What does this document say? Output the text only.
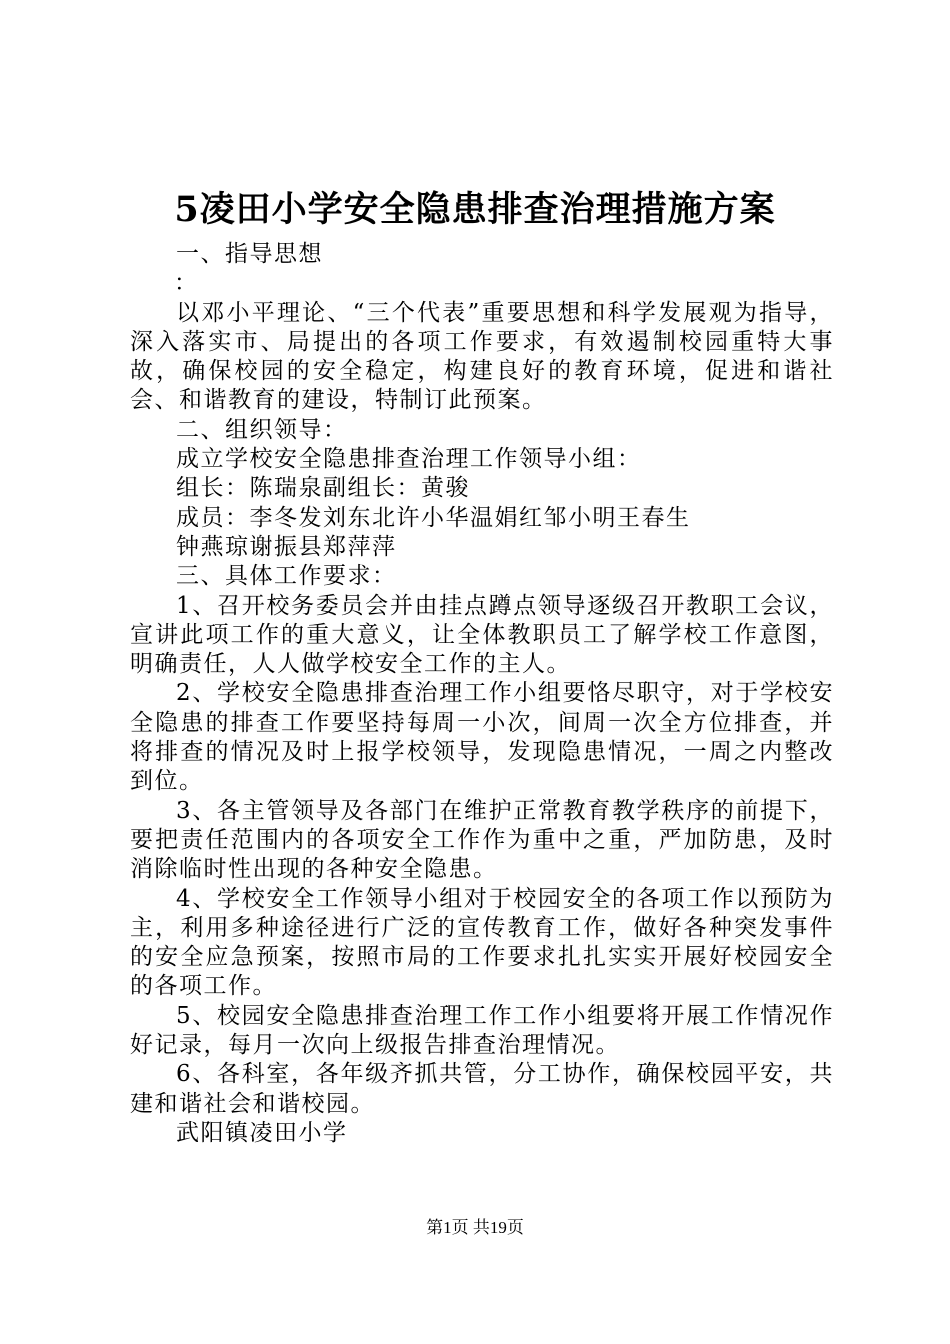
5凌田小学安全隐患排查治理措施方案

一、指导思想

：

以邓小平理论、“三个代表”重要思想和科学发展观为指导，深入落实市、局提出的各项工作要求，有效遏制校园重特大事故，确保校园的安全稳定，构建良好的教育环境，促进和谐社会、和谐教育的建设，特制订此预案。

二、组织领导：

成立学校安全隐患排查治理工作领导小组：

组长：陈瑞泉副组长：黄骏

成员：李冬发刘东北许小华温娟红邹小明王春生

钟燕琼谢振县郑萍萍

三、具体工作要求：

1、召开校务委员会并由挂点蹲点领导逐级召开教职工会议，宣讲此项工作的重大意义，让全体教职员工了解学校工作意图，明确责任，人人做学校安全工作的主人。

2、学校安全隐患排查治理工作小组要恪尽职守，对于学校安全隐患的排查工作要坚持每周一小次，间周一次全方位排查，并将排查的情况及时上报学校领导，发现隐患情况，一周之内整改到位。

3、各主管领导及各部门在维护正常教育教学秩序的前提下，要把责任范围内的各项安全工作作为重中之重，严加防患，及时消除临时性出现的各种安全隐患。

4、学校安全工作领导小组对于校园安全的各项工作以预防为主，利用多种途径进行广泛的宣传教育工作，做好各种突发事件的安全应急预案，按照市局的工作要求扎扎实实开展好校园安全的各项工作。

5、校园安全隐患排查治理工作工作小组要将开展工作情况作好记录，每月一次向上级报告排查治理情况。

6、各科室，各年级齐抓共管，分工协作，确保校园平安，共建和谐社会和谐校园。

武阳镇凌田小学

第1页 共19页
